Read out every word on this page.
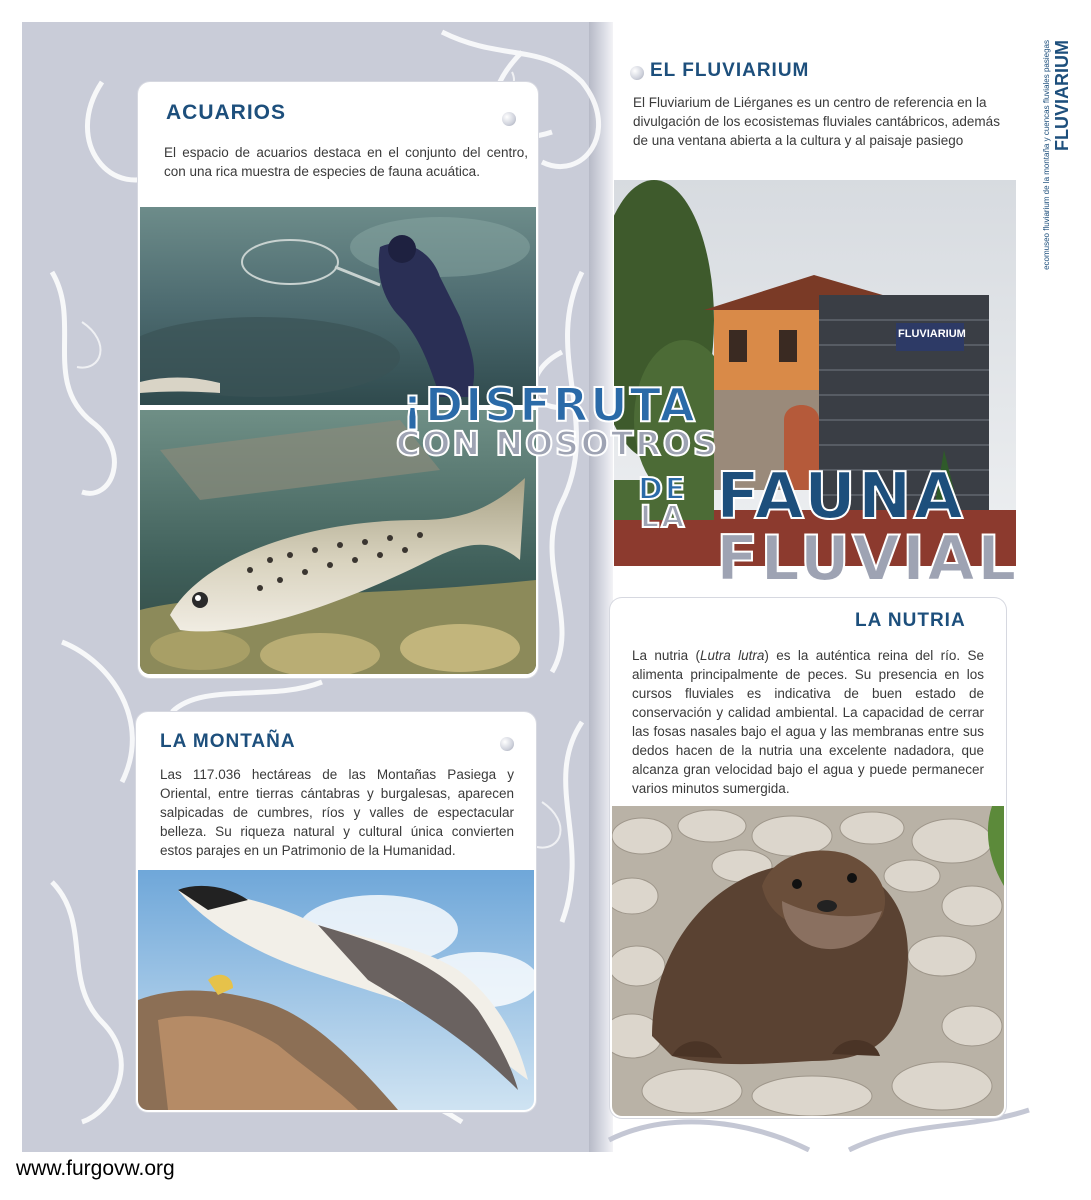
ACUARIOS
El espacio de acuarios destaca en el conjunto del centro, con una rica muestra de especies de fauna acuática.
LA MONTAÑA
Las 117.036 hectáreas de las Montañas Pasiega y Oriental, entre tierras cántabras y burgalesas, aparecen salpicadas de cumbres, ríos y valles de espectacular belleza. Su riqueza natural y cultural única convierten estos parajes en un Patrimonio de la Humanidad.
EL FLUVIARIUM
El Fluviarium de Liérganes es un centro de referencia en la divulgación de los ecosistemas fluviales cantábricos, además de una ventana abierta a la cultura y al paisaje pasiego
FLUVIARIUM
ecomuseo fluviarium de la montaña y cuencas fluviales pasiegas FLUVIARIUM
¡DISFRUTA
CON NOSOTROS
DE
LA FAUNA
FLUVIAL
LA NUTRIA
La nutria (Lutra lutra) es la auténtica reina del río. Se alimenta principalmente de peces. Su presencia en los cursos fluviales es indicativa de buen estado de conservación y calidad ambiental. La capacidad de cerrar las fosas nasales bajo el agua y las membranas entre sus dedos hacen de la nutria una excelente nadadora, que alcanza gran velocidad bajo el agua y puede permanecer varios minutos sumergida.
www.furgovw.org
